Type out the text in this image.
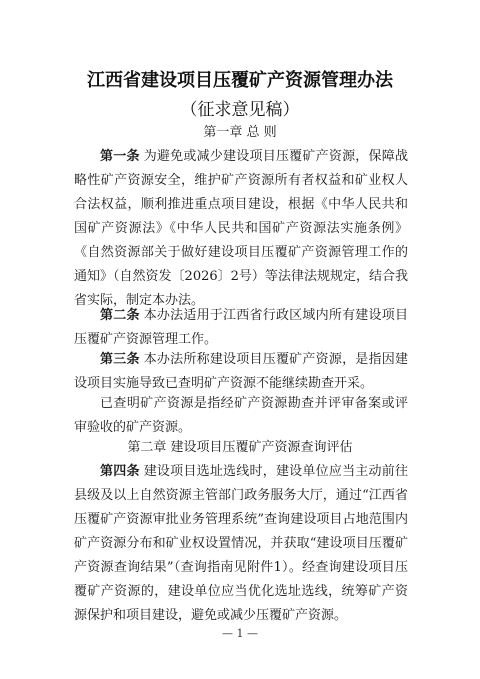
江西省建设项目压覆矿产资源管理办法
（征求意见稿）
第一章 总 则

第一条 为避免或减少建设项目压覆矿产资源，保障战略性矿产资源安全，维护矿产资源所有者权益和矿业权人合法权益，顺利推进重点项目建设，根据《中华人民共和国矿产资源法》《中华人民共和国矿产资源法实施条例》《自然资源部关于做好建设项目压覆矿产资源管理工作的通知》（自然资发〔2026〕2号）等法律法规规定，结合我省实际，制定本办法。

第二条 本办法适用于江西省行政区域内所有建设项目压覆矿产资源管理工作。

第三条 本办法所称建设项目压覆矿产资源，是指因建设项目实施导致已查明矿产资源不能继续勘查开采。

已查明矿产资源是指经矿产资源勘查并评审备案或评审验收的矿产资源。

第二章 建设项目压覆矿产资源查询评估

第四条 建设项目选址选线时，建设单位应当主动前往县级及以上自然资源主管部门政务服务大厅，通过“江西省压覆矿产资源审批业务管理系统”查询建设项目占地范围内矿产资源分布和矿业权设置情况，并获取“建设项目压覆矿产资源查询结果”（查询指南见附件1）。经查询建设项目压覆矿产资源的，建设单位应当优化选址选线，统筹矿产资源保护和项目建设，避免或减少压覆矿产资源。

— 1 —
